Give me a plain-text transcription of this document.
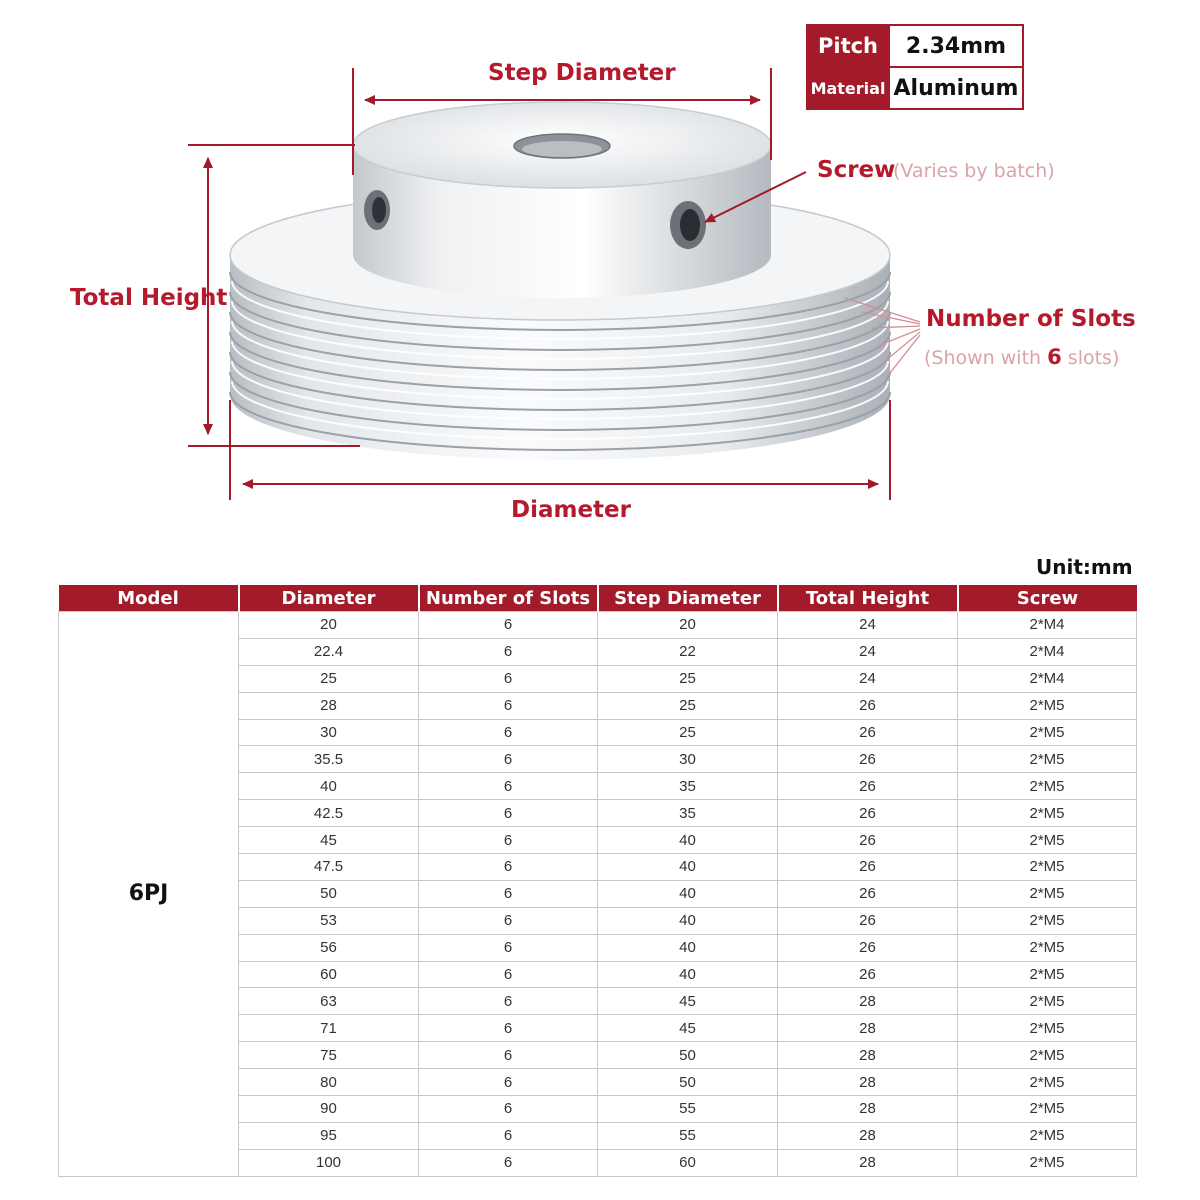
Step Diameter
Total Height
Diameter
Screw
(Varies by batch)
Number of Slots
(Shown with 6 slots)
Pitch	2.34mm
Material	Aluminum
Unit:mm
Model	Diameter	Number of Slots	Step Diameter	Total Height	Screw
6PJ	20	6	20	24	2*M4
	22.4	6	22	24	2*M4
	25	6	25	24	2*M4
	28	6	25	26	2*M5
	30	6	25	26	2*M5
	35.5	6	30	26	2*M5
	40	6	35	26	2*M5
	42.5	6	35	26	2*M5
	45	6	40	26	2*M5
	47.5	6	40	26	2*M5
	50	6	40	26	2*M5
	53	6	40	26	2*M5
	56	6	40	26	2*M5
	60	6	40	26	2*M5
	63	6	45	28	2*M5
	71	6	45	28	2*M5
	75	6	50	28	2*M5
	80	6	50	28	2*M5
	90	6	55	28	2*M5
	95	6	55	28	2*M5
	100	6	60	28	2*M5
